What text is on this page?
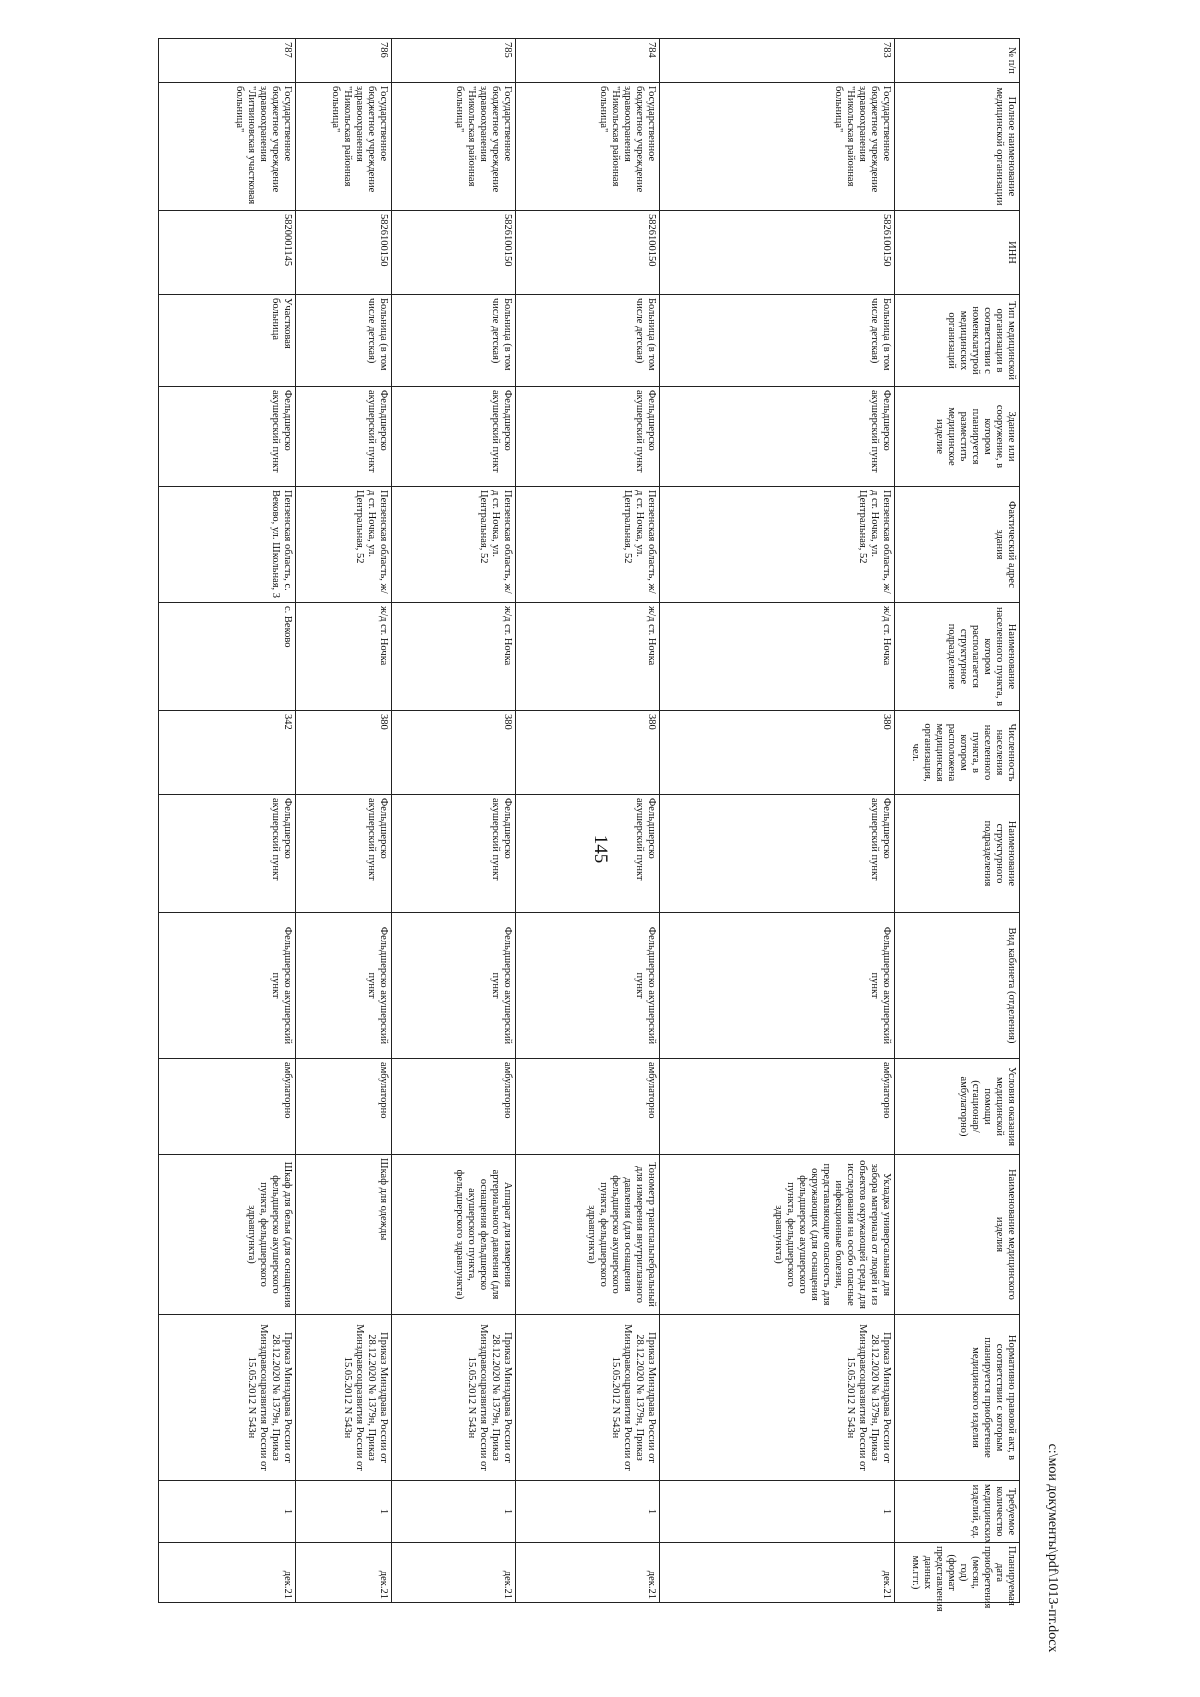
145
№ п/п	Полное наименование медицинской организации	ИНН	Тип медицинской организации в соответствии с номенклатурой медицинских организаций	Здание или сооружение, в котором планируется разместить медицинское изделие	Фактический адрес здания	Наименование населенного пункта, в котором располагается структурное подразделение	Численность населения населенного пункта, в котором расположена медицинская организация, чел.	Наименование структурного подразделения	Вид кабинета (отделения)	Условия оказания медицинской помощи (стационар/амбулаторно)	Наименование медицинского изделия	Нормативно правовой акт, в соответствии с которым планируется приобретение медицинского изделия	Требуемое количество медицинских изделий, ед.	Планируемая дата приобретения (месяц, год) (формат представления данных мм.ггг.)
783	Государственное бюджетное учреждение здравоохранения "Никольская районная больница"	5826100150	Больница (в том числе детская)	Фельдшерско акушерский пункт	Пензенская область, ж/д ст. Ночка, ул. Центральная, 52	ж/д ст. Ночка	380	Фельдшерско акушерский пункт	Фельдшерско акушерский пункт	амбулаторно	Укладка универсальная для забора материала от людей и из объектов окружающей среды для исследования на особо опасные инфекционные болезни, представляющие опасность для окружающих (для оснащения фельдшерско акушерского пункта, фельдшерского здравпункта)	Приказ Минздрава России от 28.12.2020 № 1379н, Приказ Минздравсоцразвития России от 15.05.2012 N 543н	1	дек.21
784	Государственное бюджетное учреждение здравоохранения "Никольская районная больница"	5826100150	Больница (в том числе детская)	Фельдшерско акушерский пункт	Пензенская область, ж/д ст. Ночка, ул. Центральная, 52	ж/д ст. Ночка	380	Фельдшерско акушерский пункт	Фельдшерско акушерский пункт	амбулаторно	Тонометр транспальпебральный для измерения внутриглазного давления (для оснащения фельдшерско акушерского пункта, фельдшерского здравпункта)	Приказ Минздрава России от 28.12.2020 № 1379н, Приказ Минздравсоцразвития России от 15.05.2012 N 543н	1	дек.21
785	Государственное бюджетное учреждение здравоохранения "Никольская районная больница"	5826100150	Больница (в том числе детская)	Фельдшерско акушерский пункт	Пензенская область, ж/д ст. Ночка, ул. Центральная, 52	ж/д ст. Ночка	380	Фельдшерско акушерский пункт	Фельдшерско акушерский пункт	амбулаторно	Аппарат для измерения артериального давления (для оснащения фельдшерско акушерского пункта, фельдшерского здравпункта)	Приказ Минздрава России от 28.12.2020 № 1379н, Приказ Минздравсоцразвития России от 15.05.2012 N 543н	1	дек.21
786	Государственное бюджетное учреждение здравоохранения "Никольская районная больница"	5826100150	Больница (в том числе детская)	Фельдшерско акушерский пункт	Пензенская область, ж/д ст. Ночка, ул. Центральная, 52	ж/д ст. Ночка	380	Фельдшерско акушерский пункт	Фельдшерско акушерский пункт	амбулаторно	Шкаф для одежды	Приказ Минздрава России от 28.12.2020 № 1379н, Приказ Минздравсоцразвития России от 15.05.2012 N 543н	1	дек.21
787	Государственное бюджетное учреждение здравоохранения "Литвиновская участковая больница"	5820001145	Участковая больница	Фельдшерско акушерский пункт	Пензенская область, с. Веково, ул. Школьная, 3	с. Веково	342	Фельдшерско акушерский пункт	Фельдшерско акушерский пункт	амбулаторно	Шкаф для белья (для оснащения фельдшерско акушерского пункта, фельдшерского здравпункта)	Приказ Минздрава России от 28.12.2020 № 1379н, Приказ Минздравсоцразвития России от 15.05.2012 N 543н	1	дек.21	c:\мои документы\pdf\1013-пт.docx
